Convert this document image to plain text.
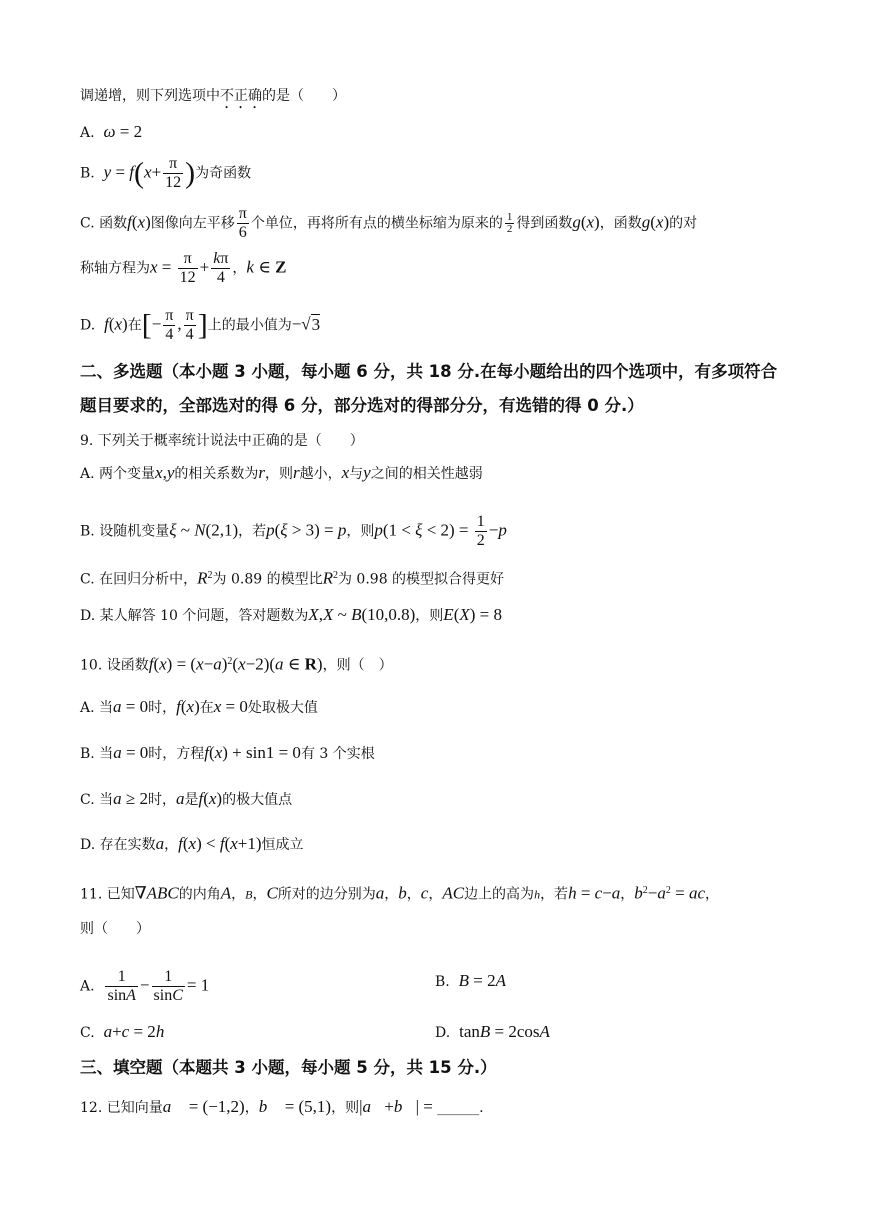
调递增，则下列选项中不正确的是（　　）
A. ω = 2
B. $y = f(x+ \frac{\pi}{12}$ )为奇函数
C. 函数f(x)图像向左平移 $\frac{\pi}{6}$ 个单位，再将所有点的横坐标缩为原来的 $\frac{1}{2}$ 得到函数g(x)，函数g(x)的对
称轴方程为$x = \frac{\pi}{12} + \frac{k\pi}{4}$ ，k ∈ Z
D. f(x)在[− $\frac{\pi}{4}$ , $\frac{\pi}{4}$ ]上的最小值为−√3
二、多选题（本小题 3 小题，每小题 6 分，共 18 分.在每小题给出的四个选项中，有多项符合
题目要求的，全部选对的得 6 分，部分选对的得部分分，有选错的得 0 分.）
9. 下列关于概率统计说法中正确的是（　　）
A. 两个变量x,y的相关系数为r，则r越小，x与y之间的相关性越弱
B. 设随机变量ξ ~ N(2,1)，若p(ξ > 3) = p，则$p(1 < \xi < 2) = \frac{1}{2} -p$
C. 在回归分析中，$R^2$为 0.89 的模型比$R^2$为 0.98 的模型拟合得更好
D. 某人解答 10 个问题，答对题数为X,X ~ B(10,0.8)，则E(X) = 8
10. 设函数$f(x) = (x-a)^2(x-2)(a$ ∈ R)，则（　）
A. 当a = 0时，f(x)在x = 0处取极大值
B. 当a = 0时，方程f(x) + sin1 = 0有 3 个实根
C. 当a ≥ 2时，a是f(x)的极大值点
D. 存在实数a，f(x) < f(x+1)恒成立
11. 已知∇ABC的内角A，B，C所对的边分别为a，b，c，AC边上的高为h，若h = c−a，$b^2-a^2$ = ac，
则（　　）
A. $\frac{1}{\sin A} - \frac{1}{\sin C} = 1$	B. B = 2A
C. a+c = 2h	D. tanB = 2cosA
三、填空题（本题共 3 小题，每小题 5 分，共 15 分.）
12. 已知向量a⃗ = (−1,2)，b⃗ = (5,1)，则|a⃗+b⃗| = ______.
